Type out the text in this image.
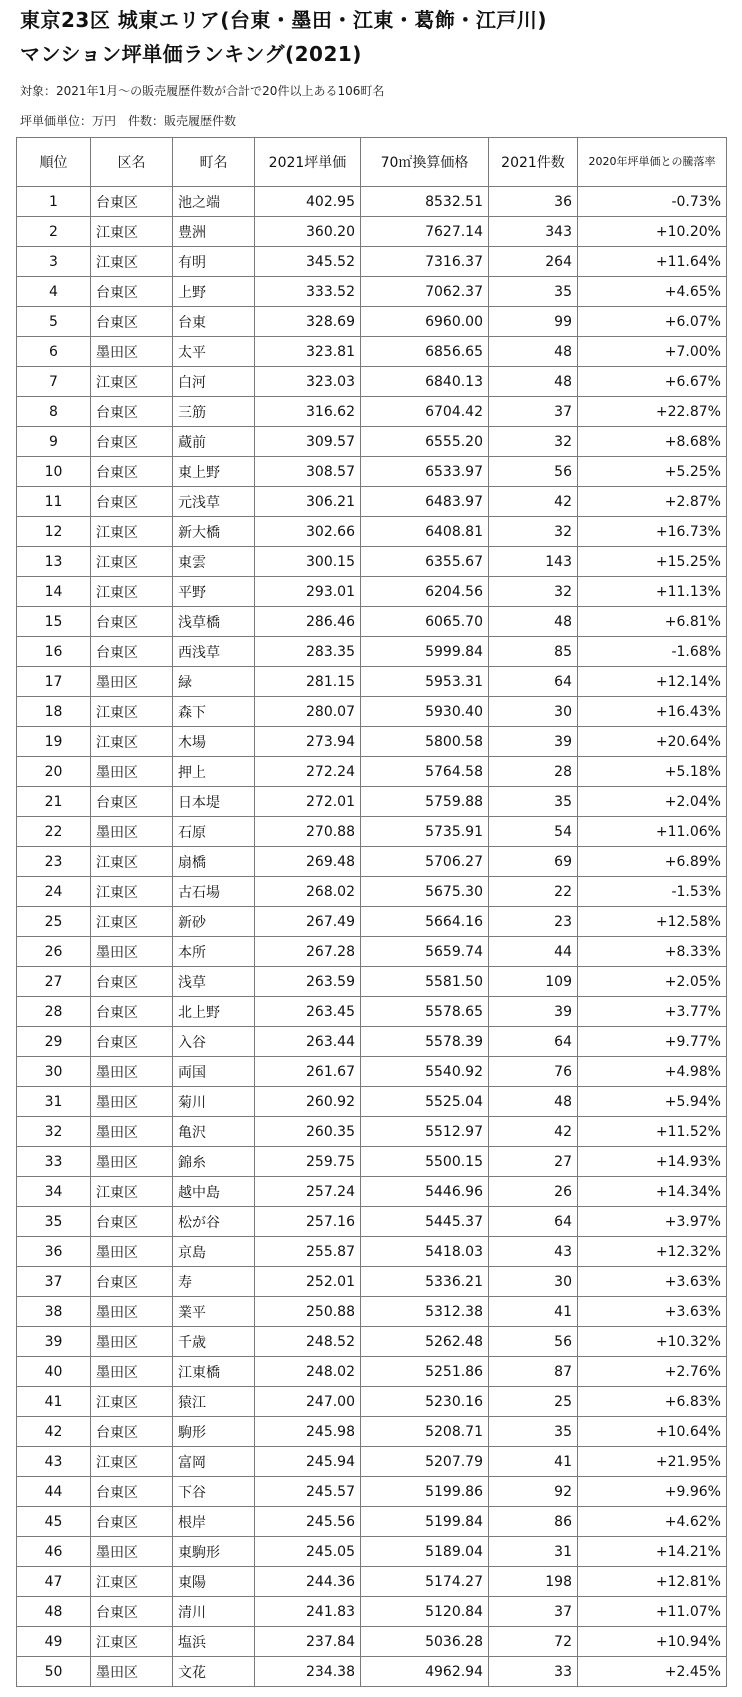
東京23区 城東エリア(台東・墨田・江東・葛飾・江戸川)
マンション坪単価ランキング(2021)
対象：2021年1月～の販売履歴件数が合計で20件以上ある106町名
坪単価単位：万円　件数：販売履歴件数
順位	区名	町名	2021坪単価	70㎡換算価格	2021件数	2020年坪単価との騰落率
1	台東区	池之端	402.95	8532.51	36	-0.73%
2	江東区	豊洲	360.20	7627.14	343	+10.20%
3	江東区	有明	345.52	7316.37	264	+11.64%
4	台東区	上野	333.52	7062.37	35	+4.65%
5	台東区	台東	328.69	6960.00	99	+6.07%
6	墨田区	太平	323.81	6856.65	48	+7.00%
7	江東区	白河	323.03	6840.13	48	+6.67%
8	台東区	三筋	316.62	6704.42	37	+22.87%
9	台東区	蔵前	309.57	6555.20	32	+8.68%
10	台東区	東上野	308.57	6533.97	56	+5.25%
11	台東区	元浅草	306.21	6483.97	42	+2.87%
12	江東区	新大橋	302.66	6408.81	32	+16.73%
13	江東区	東雲	300.15	6355.67	143	+15.25%
14	江東区	平野	293.01	6204.56	32	+11.13%
15	台東区	浅草橋	286.46	6065.70	48	+6.81%
16	台東区	西浅草	283.35	5999.84	85	-1.68%
17	墨田区	緑	281.15	5953.31	64	+12.14%
18	江東区	森下	280.07	5930.40	30	+16.43%
19	江東区	木場	273.94	5800.58	39	+20.64%
20	墨田区	押上	272.24	5764.58	28	+5.18%
21	台東区	日本堤	272.01	5759.88	35	+2.04%
22	墨田区	石原	270.88	5735.91	54	+11.06%
23	江東区	扇橋	269.48	5706.27	69	+6.89%
24	江東区	古石場	268.02	5675.30	22	-1.53%
25	江東区	新砂	267.49	5664.16	23	+12.58%
26	墨田区	本所	267.28	5659.74	44	+8.33%
27	台東区	浅草	263.59	5581.50	109	+2.05%
28	台東区	北上野	263.45	5578.65	39	+3.77%
29	台東区	入谷	263.44	5578.39	64	+9.77%
30	墨田区	両国	261.67	5540.92	76	+4.98%
31	墨田区	菊川	260.92	5525.04	48	+5.94%
32	墨田区	亀沢	260.35	5512.97	42	+11.52%
33	墨田区	錦糸	259.75	5500.15	27	+14.93%
34	江東区	越中島	257.24	5446.96	26	+14.34%
35	台東区	松が谷	257.16	5445.37	64	+3.97%
36	墨田区	京島	255.87	5418.03	43	+12.32%
37	台東区	寿	252.01	5336.21	30	+3.63%
38	墨田区	業平	250.88	5312.38	41	+3.63%
39	墨田区	千歳	248.52	5262.48	56	+10.32%
40	墨田区	江東橋	248.02	5251.86	87	+2.76%
41	江東区	猿江	247.00	5230.16	25	+6.83%
42	台東区	駒形	245.98	5208.71	35	+10.64%
43	江東区	富岡	245.94	5207.79	41	+21.95%
44	台東区	下谷	245.57	5199.86	92	+9.96%
45	台東区	根岸	245.56	5199.84	86	+4.62%
46	墨田区	東駒形	245.05	5189.04	31	+14.21%
47	江東区	東陽	244.36	5174.27	198	+12.81%
48	台東区	清川	241.83	5120.84	37	+11.07%
49	江東区	塩浜	237.84	5036.28	72	+10.94%
50	墨田区	文花	234.38	4962.94	33	+2.45%
